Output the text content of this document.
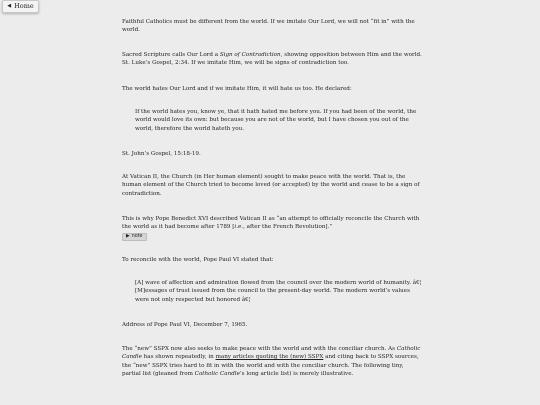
◀ Home

Faithful Catholics must be different from the world. If we imitate Our Lord, we will not “fit in” with the world.

Sacred Scripture calls Our Lord a Sign of Contradiction, showing opposition between Him and the world. St. Luke’s Gospel, 2:34. If we imitate Him, we will be signs of contradiction too.

The world hates Our Lord and if we imitate Him, it will hate us too. He declared:

If the world hates you, know ye, that it hath hated me before you. If you had been of the world, the world would love its own: but because you are not of the world, but I have chosen you out of the world, therefore the world hateth you.

St. John’s Gospel, 15:18-19.

At Vatican II, the Church (in Her human element) sought to make peace with the world. That is, the human element of the Church tried to become loved (or accepted) by the world and cease to be a sign of contradiction.

This is why Pope Benedict XVI described Vatican II as “an attempt to officially reconcile the Church with the world as it had become after 1789 [i.e., after the French Revolution].”

▶ note

To reconcile with the world, Pope Paul VI stated that:

[A] wave of affection and admiration flowed from the council over the modern world of humanity. â€¦ [M]essages of trust issued from the council to the present-day world. The modern world’s values were not only respected but honored â€¦

Address of Pope Paul VI, December 7, 1965.

The “new” SSPX now also seeks to make peace with the world and with the conciliar church. As Catholic Candle has shown repeatedly, in many articles quoting the (new) SSPX and citing back to SSPX sources, the “new” SSPX tries hard to fit in with the world and with the conciliar church. The following tiny, partial list (gleaned from Catholic Candle’s long article list) is merely illustrative.
